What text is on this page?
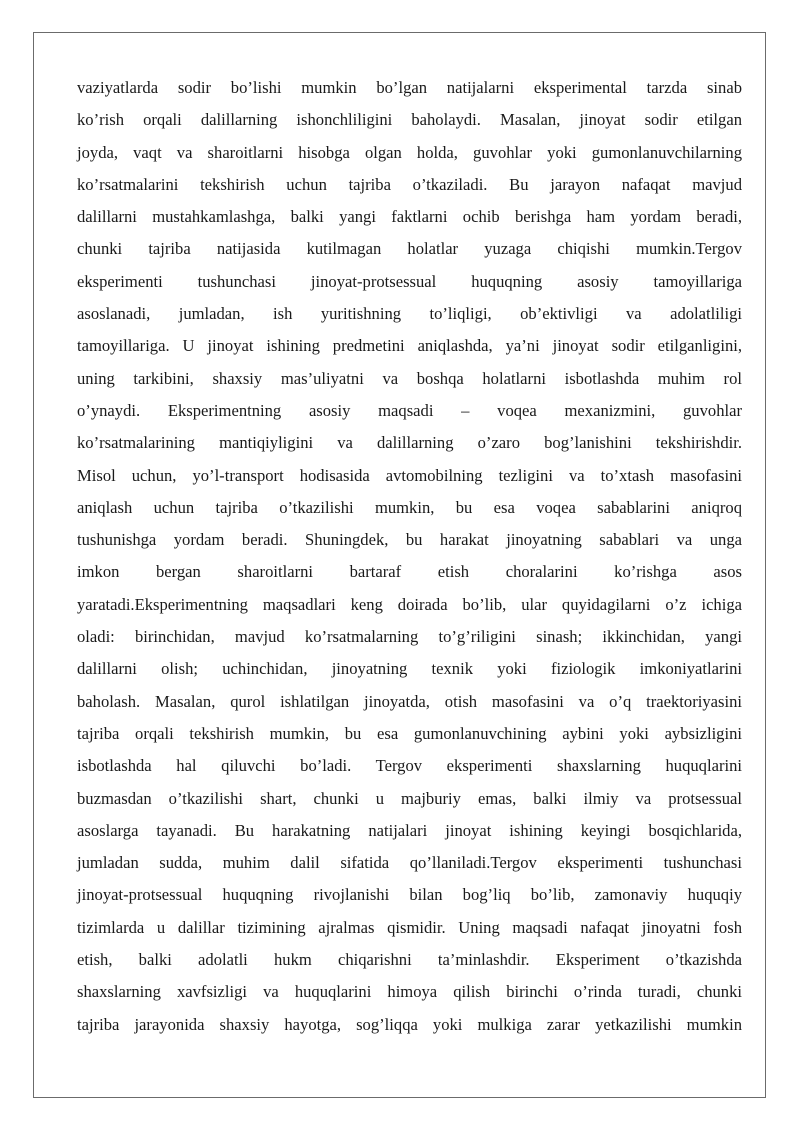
vaziyatlarda sodir bo’lishi mumkin bo’lgan natijalarni eksperimental tarzda sinab
ko’rish orqali dalillarning ishonchliligini baholaydi. Masalan, jinoyat sodir etilgan
joyda, vaqt va sharoitlarni hisobga olgan holda, guvohlar yoki gumonlanuvchilarning
ko’rsatmalarini tekshirish uchun tajriba o’tkaziladi. Bu jarayon nafaqat mavjud
dalillarni mustahkamlashga, balki yangi faktlarni ochib berishga ham yordam beradi,
chunki tajriba natijasida kutilmagan holatlar yuzaga chiqishi mumkin.Tergov
eksperimenti tushunchasi jinoyat-protsessual huquqning asosiy tamoyillariga
asoslanadi, jumladan, ish yuritishning to’liqligi, ob’ektivligi va adolatliligi
tamoyillariga. U jinoyat ishining predmetini aniqlashda, ya’ni jinoyat sodir etilganligini,
uning tarkibini, shaxsiy mas’uliyatni va boshqa holatlarni isbotlashda muhim rol
o’ynaydi. Eksperimentning asosiy maqsadi – voqea mexanizmini, guvohlar
ko’rsatmalarining mantiqiyligini va dalillarning o’zaro bog’lanishini tekshirishdir.
Misol uchun, yo’l-transport hodisasida avtomobilning tezligini va to’xtash masofasini
aniqlash uchun tajriba o’tkazilishi mumkin, bu esa voqea sabablarini aniqroq
tushunishga yordam beradi. Shuningdek, bu harakat jinoyatning sabablari va unga
imkon bergan sharoitlarni bartaraf etish choralarini ko’rishga asos
yaratadi.Eksperimentning maqsadlari keng doirada bo’lib, ular quyidagilarni o’z ichiga
oladi: birinchidan, mavjud ko’rsatmalarning to’g’riligini sinash; ikkinchidan, yangi
dalillarni olish; uchinchidan, jinoyatning texnik yoki fiziologik imkoniyatlarini
baholash. Masalan, qurol ishlatilgan jinoyatda, otish masofasini va o’q traektoriyasini
tajriba orqali tekshirish mumkin, bu esa gumonlanuvchining aybini yoki aybsizligini
isbotlashda hal qiluvchi bo’ladi. Tergov eksperimenti shaxslarning huquqlarini
buzmasdan o’tkazilishi shart, chunki u majburiy emas, balki ilmiy va protsessual
asoslarga tayanadi. Bu harakatning natijalari jinoyat ishining keyingi bosqichlarida,
jumladan sudda, muhim dalil sifatida qo’llaniladi.Tergov eksperimenti tushunchasi
jinoyat-protsessual huquqning rivojlanishi bilan bog’liq bo’lib, zamonaviy huquqiy
tizimlarda u dalillar tizimining ajralmas qismidir. Uning maqsadi nafaqat jinoyatni fosh
etish, balki adolatli hukm chiqarishni ta’minlashdir. Eksperiment o’tkazishda
shaxslarning xavfsizligi va huquqlarini himoya qilish birinchi o’rinda turadi, chunki
tajriba jarayonida shaxsiy hayotga, sog’liqqa yoki mulkiga zarar yetkazilishi mumkin
